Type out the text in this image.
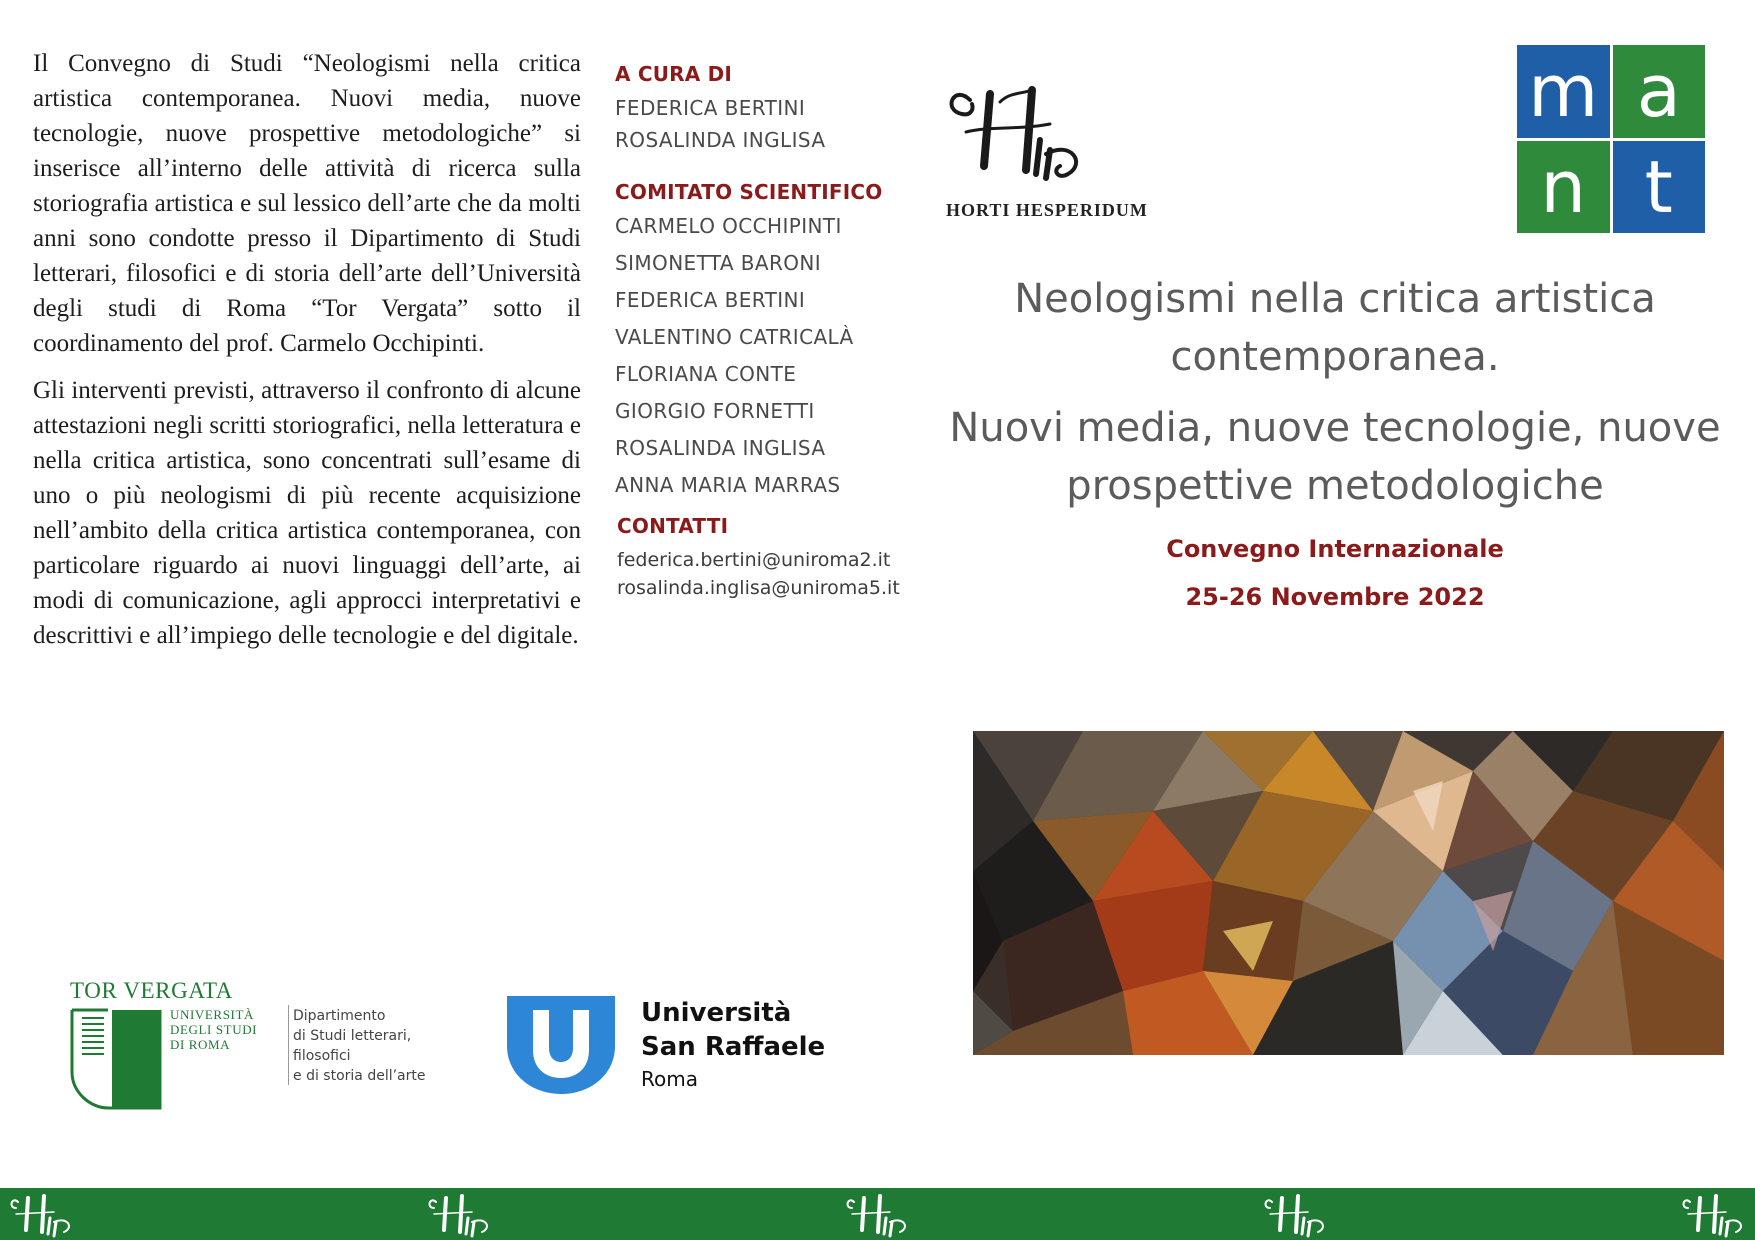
Il Convegno di Studi “Neologismi nella critica artistica contemporanea. Nuovi media, nuove tecnologie, nuove prospettive metodologiche” si inserisce all’interno delle attività di ricerca sulla storiografia artistica e sul lessico dell’arte che da molti anni sono condotte presso il Dipartimento di Studi letterari, filosofici e di storia dell’arte dell’Università degli studi di Roma “Tor Vergata” sotto il coordinamento del prof. Carmelo Occhipinti.

Gli interventi previsti, attraverso il confronto di alcune attestazioni negli scritti storiografici, nella letteratura e nella critica artistica, sono concentrati sull’esame di uno o più neologismi di più recente acquisizione nell’ambito della critica artistica contemporanea, con particolare riguardo ai nuovi linguaggi dell’arte, ai modi di comunicazione, agli approcci interpretativi e descrittivi e all’impiego delle tecnologie e del digitale.

A CURA DI
FEDERICA BERTINI
ROSALINDA INGLISA
COMITATO SCIENTIFICO
CARMELO OCCHIPINTI
SIMONETTA BARONI
FEDERICA BERTINI
VALENTINO CATRICALÀ
FLORIANA CONTE
GIORGIO FORNETTI
ROSALINDA INGLISA
ANNA MARIA MARRAS
CONTATTI
federica.bertini@uniroma2.it
rosalinda.inglisa@uniroma5.it
HORTI HESPERIDUM
m a
n t
Neologismi nella critica artistica contemporanea.
Nuovi media, nuove tecnologie, nuove prospettive metodologiche
Convegno Internazionale
25-26 Novembre 2022
TOR VERGATA
UNIVERSITÀ
DEGLI STUDI
DI ROMA
Dipartimento
di Studi letterari,
filosofici
e di storia dell’arte
Università
San Raffaele
Roma
